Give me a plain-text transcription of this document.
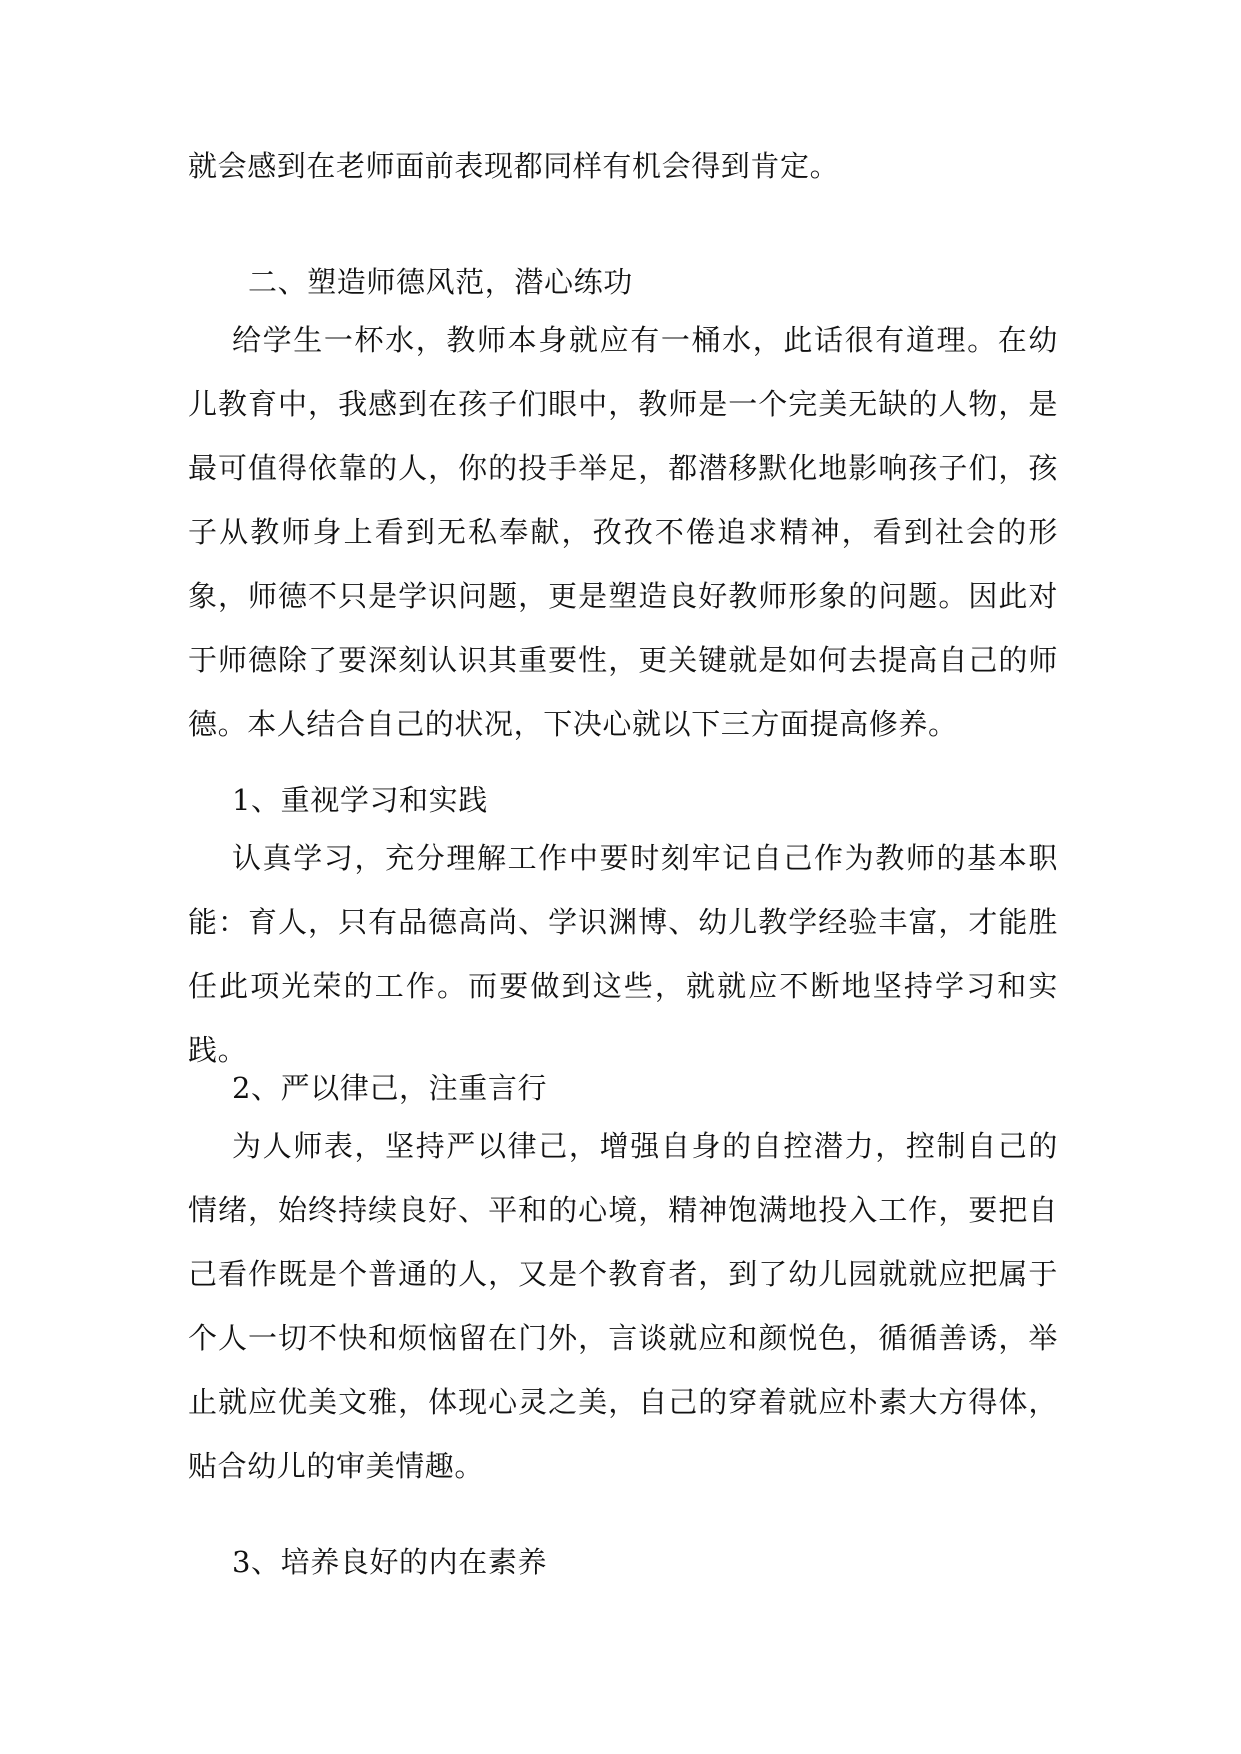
就会感到在老师面前表现都同样有机会得到肯定。

二、塑造师德风范，潜心练功

给学生一杯水，教师本身就应有一桶水，此话很有道理。在幼儿教育中，我感到在孩子们眼中，教师是一个完美无缺的人物，是最可值得依靠的人，你的投手举足，都潜移默化地影响孩子们，孩子从教师身上看到无私奉献，孜孜不倦追求精神，看到社会的形象，师德不只是学识问题，更是塑造良好教师形象的问题。因此对于师德除了要深刻认识其重要性，更关键就是如何去提高自己的师德。本人结合自己的状况，下决心就以下三方面提高修养。

1、重视学习和实践

认真学习，充分理解工作中要时刻牢记自己作为教师的基本职能：育人，只有品德高尚、学识渊博、幼儿教学经验丰富，才能胜任此项光荣的工作。而要做到这些，就就应不断地坚持学习和实践。

2、严以律己，注重言行

为人师表，坚持严以律己，增强自身的自控潜力，控制自己的情绪，始终持续良好、平和的心境，精神饱满地投入工作，要把自己看作既是个普通的人，又是个教育者，到了幼儿园就就应把属于个人一切不快和烦恼留在门外，言谈就应和颜悦色，循循善诱，举止就应优美文雅，体现心灵之美，自己的穿着就应朴素大方得体，贴合幼儿的审美情趣。

3、培养良好的内在素养
